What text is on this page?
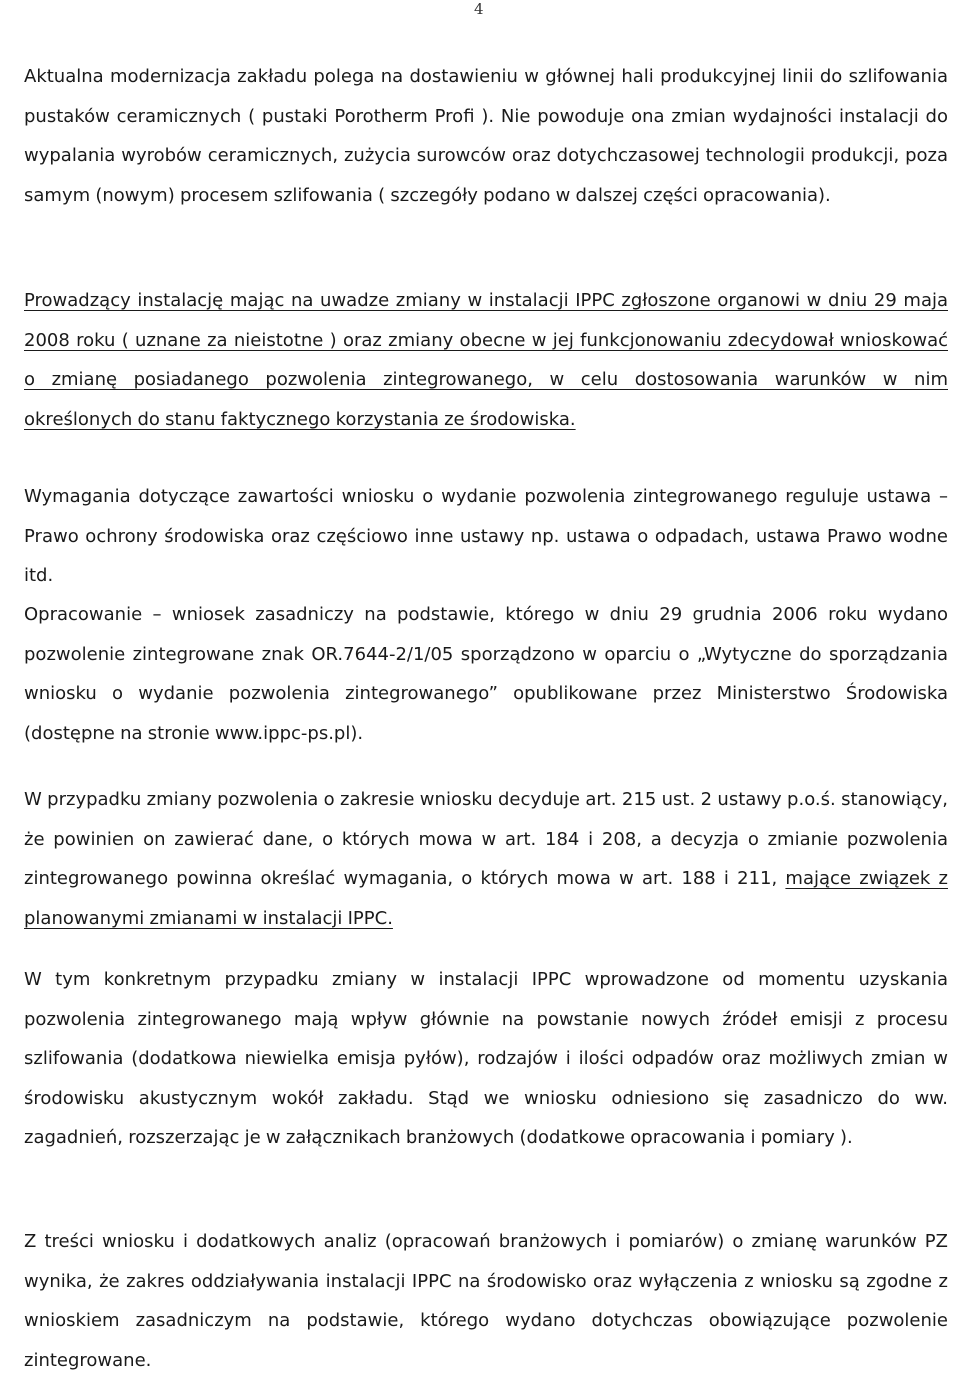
4
Aktualna modernizacja zakładu polega na dostawieniu w głównej hali produkcyjnej linii do szlifowania pustaków ceramicznych ( pustaki Porotherm Profi ). Nie powoduje ona zmian wydajności instalacji do wypalania wyrobów ceramicznych, zużycia surowców oraz dotychczasowej technologii produkcji, poza samym (nowym) procesem szlifowania ( szczegóły podano w dalszej części opracowania).
Prowadzący instalację mając na uwadze zmiany w instalacji IPPC zgłoszone organowi w dniu 29 maja 2008 roku ( uznane za nieistotne ) oraz zmiany obecne w jej funkcjonowaniu zdecydował wnioskować o zmianę posiadanego pozwolenia zintegrowanego, w celu dostosowania warunków w nim określonych do stanu faktycznego korzystania ze środowiska.
Wymagania dotyczące zawartości wniosku o wydanie pozwolenia zintegrowanego reguluje ustawa – Prawo ochrony środowiska oraz częściowo inne ustawy np. ustawa o odpadach, ustawa Prawo wodne itd.
Opracowanie – wniosek zasadniczy na podstawie, którego w dniu 29 grudnia 2006 roku wydano pozwolenie zintegrowane znak OR.7644-2/1/05 sporządzono w oparciu o „Wytyczne do sporządzania wniosku o wydanie pozwolenia zintegrowanego” opublikowane przez Ministerstwo Środowiska (dostępne na stronie www.ippc-ps.pl).
W przypadku zmiany pozwolenia o zakresie wniosku decyduje art. 215 ust. 2 ustawy p.o.ś. stanowiący, że powinien on zawierać dane, o których mowa w art. 184 i 208, a decyzja o zmianie pozwolenia zintegrowanego powinna określać wymagania, o których mowa w art. 188 i 211, mające związek z planowanymi zmianami w instalacji IPPC.
W tym konkretnym przypadku zmiany w instalacji IPPC wprowadzone od momentu uzyskania pozwolenia zintegrowanego mają wpływ głównie na powstanie nowych źródeł emisji z procesu szlifowania (dodatkowa niewielka emisja pyłów), rodzajów i ilości odpadów oraz możliwych zmian w środowisku akustycznym wokół zakładu. Stąd we wniosku odniesiono się zasadniczo do ww. zagadnień, rozszerzając je w załącznikach branżowych (dodatkowe opracowania i pomiary ).
Z treści wniosku i dodatkowych analiz (opracowań branżowych i pomiarów) o zmianę warunków PZ wynika, że zakres oddziaływania instalacji IPPC na środowisko oraz wyłączenia z wniosku są zgodne z wnioskiem zasadniczym na podstawie, którego wydano dotychczas obowiązujące pozwolenie zintegrowane.
